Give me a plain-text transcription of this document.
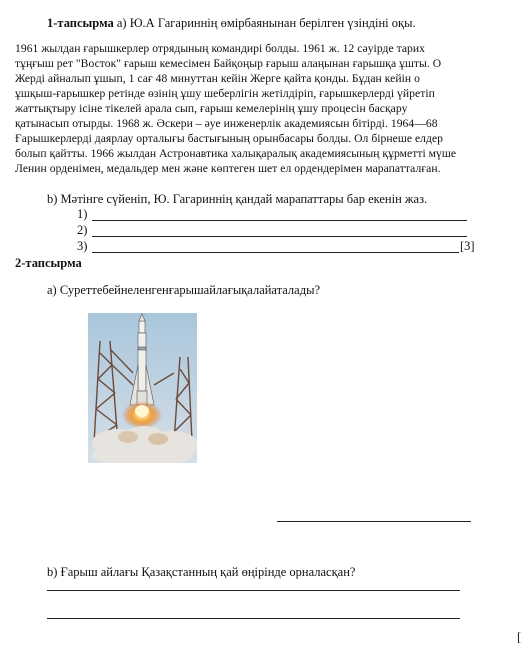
1-тапсырма а) Ю.А Гагариннің өмірбаянынан берілген үзіндіні оқы.
1961 жылдан ғарышкерлер отрядының командирі болды. 1961 ж. 12 сәуірде тарих
тұңғыш рет "Восток" ғарыш кемесімен Байқоңыр ғарыш алаңынан ғарышқа ұшты. О
Жерді айналып ұшып, 1 сағ 48 минуттан кейін Жерге қайта қонды. Бұдан кейін о
ұшқыш-ғарышкер ретінде өзінің ұшу шеберлігін жетілдіріп, ғарышкерлерді үйретіп
жаттықтыру ісіне тікелей арала сып, ғарыш кемелерінің ұшу процесін басқару
қатынасып отырды. 1968 ж. Әскери – әуе инженерлік академиясын бітірді. 1964—68
Ғарышкерлерді даярлау орталығы бастығының орынбасары болды. Ол бірнеше елдер
болып қайтты. 1966 жылдан Астронавтика халықаралық академиясының құрметті мүше
Ленин орденімен, медальдер мен және көптеген шет ел ордендерімен марапатталған.
b) Мәтінге сүйеніп, Ю. Гагариннің қандай марапаттары бар екенін жаз.
1)
2)
3)	[3]
2-тапсырма
а) Суреттебейнеленгенғарышайлағықалайаталады?
b) Ғарыш айлағы Қазақстанның қай өңірінде орналасқан?
[
